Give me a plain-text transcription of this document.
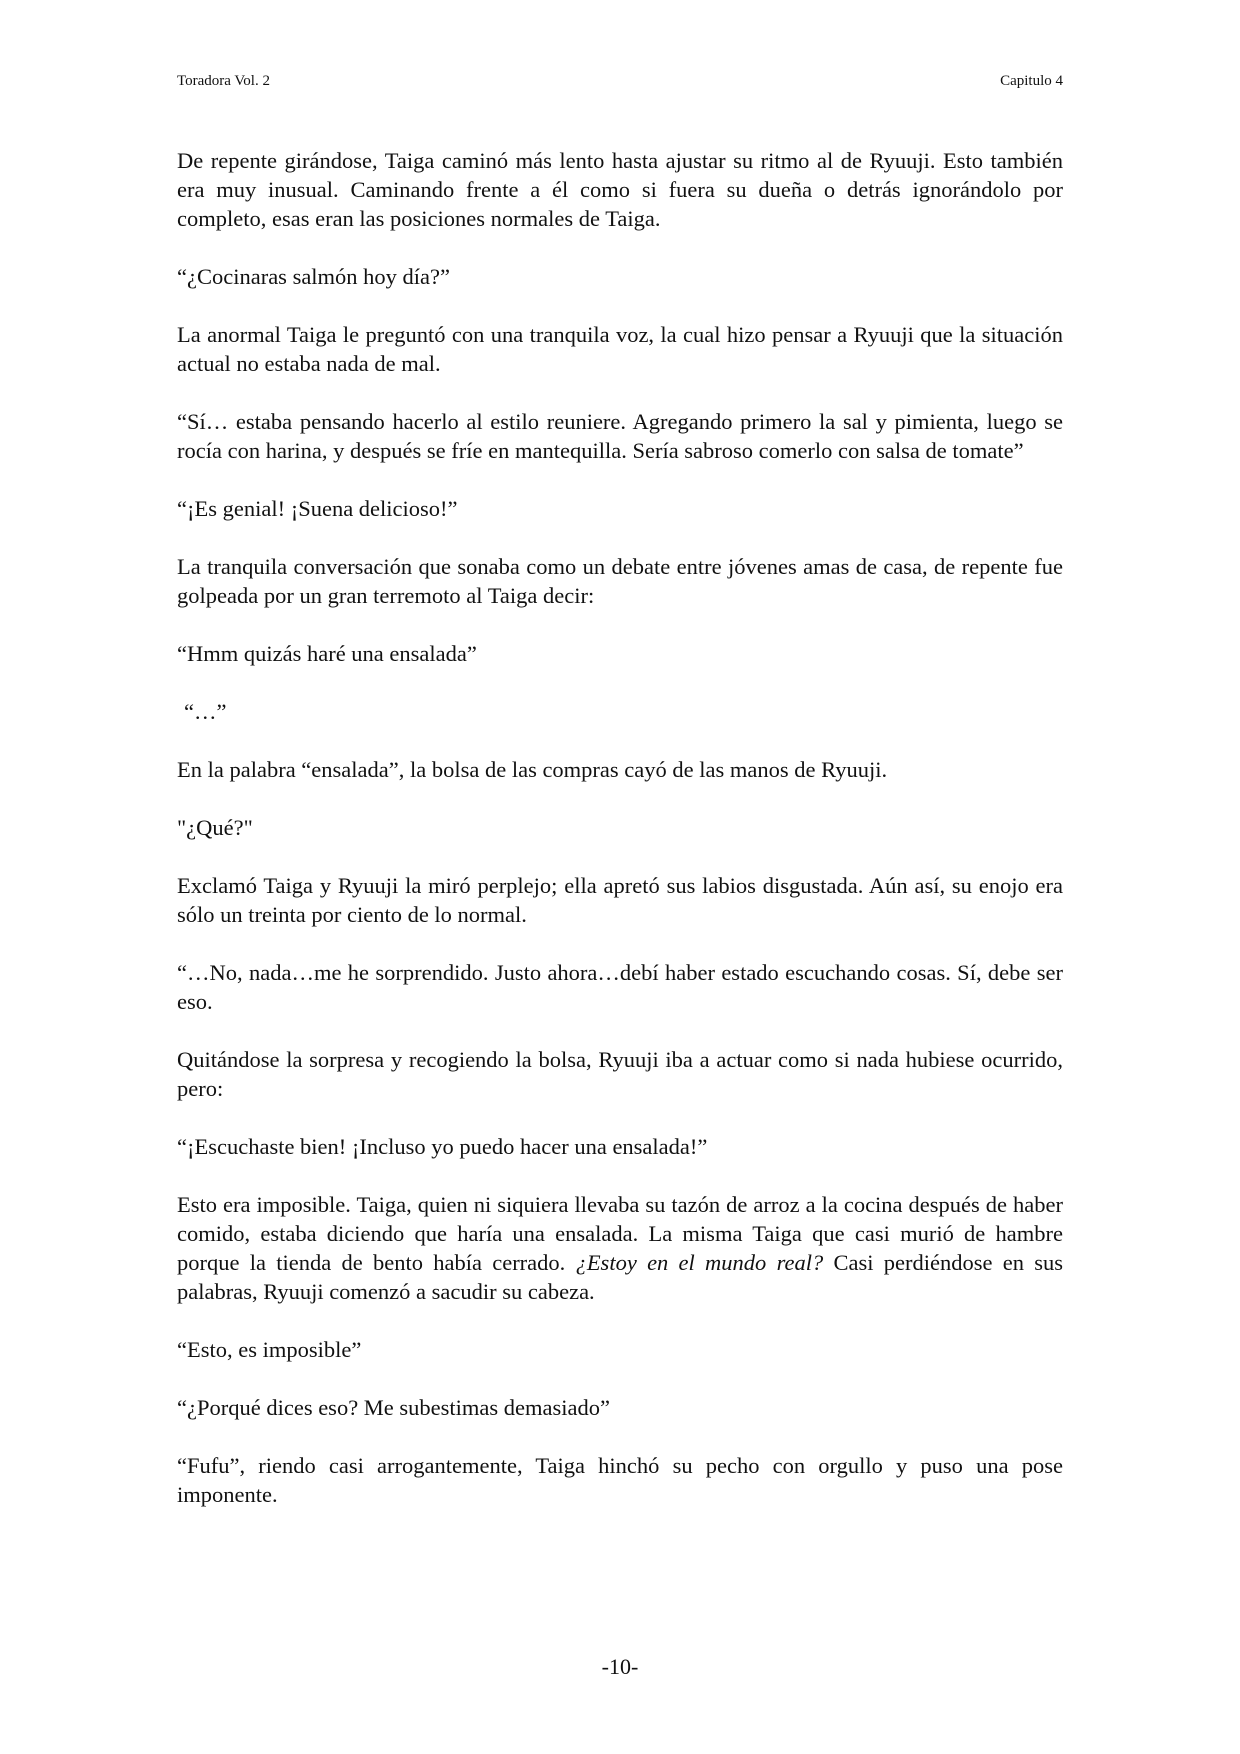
Toradora Vol. 2	Capitulo 4

De repente girándose, Taiga caminó más lento hasta ajustar su ritmo al de Ryuuji. Esto también era muy inusual. Caminando frente a él como si fuera su dueña o detrás ignorándolo por completo, esas eran las posiciones normales de Taiga.

“¿Cocinaras salmón hoy día?”

La anormal Taiga le preguntó con una tranquila voz, la cual hizo pensar a Ryuuji que la situación actual no estaba nada de mal.

“Sí… estaba pensando hacerlo al estilo reuniere. Agregando primero la sal y pimienta, luego se rocía con harina, y después se fríe en mantequilla. Sería sabroso comerlo con salsa de tomate”

“¡Es genial! ¡Suena delicioso!”

La tranquila conversación que sonaba como un debate entre jóvenes amas de casa, de repente fue golpeada por un gran terremoto al Taiga decir:

“Hmm quizás haré una ensalada”

“…”

En la palabra “ensalada”, la bolsa de las compras cayó de las manos de Ryuuji.

"¿Qué?"

Exclamó Taiga y Ryuuji la miró perplejo; ella apretó sus labios disgustada. Aún así, su enojo era sólo un treinta por ciento de lo normal.

“…No, nada…me he sorprendido. Justo ahora…debí haber estado escuchando cosas. Sí, debe ser eso.

Quitándose la sorpresa y recogiendo la bolsa, Ryuuji iba a actuar como si nada hubiese ocurrido, pero:

“¡Escuchaste bien! ¡Incluso yo puedo hacer una ensalada!”

Esto era imposible. Taiga, quien ni siquiera llevaba su tazón de arroz a la cocina después de haber comido, estaba diciendo que haría una ensalada. La misma Taiga que casi murió de hambre porque la tienda de bento había cerrado. ¿Estoy en el mundo real? Casi perdiéndose en sus palabras, Ryuuji comenzó a sacudir su cabeza.

“Esto, es imposible”

“¿Porqué dices eso? Me subestimas demasiado”

“Fufu”, riendo casi arrogantemente, Taiga hinchó su pecho con orgullo y puso una pose imponente.

-10-
